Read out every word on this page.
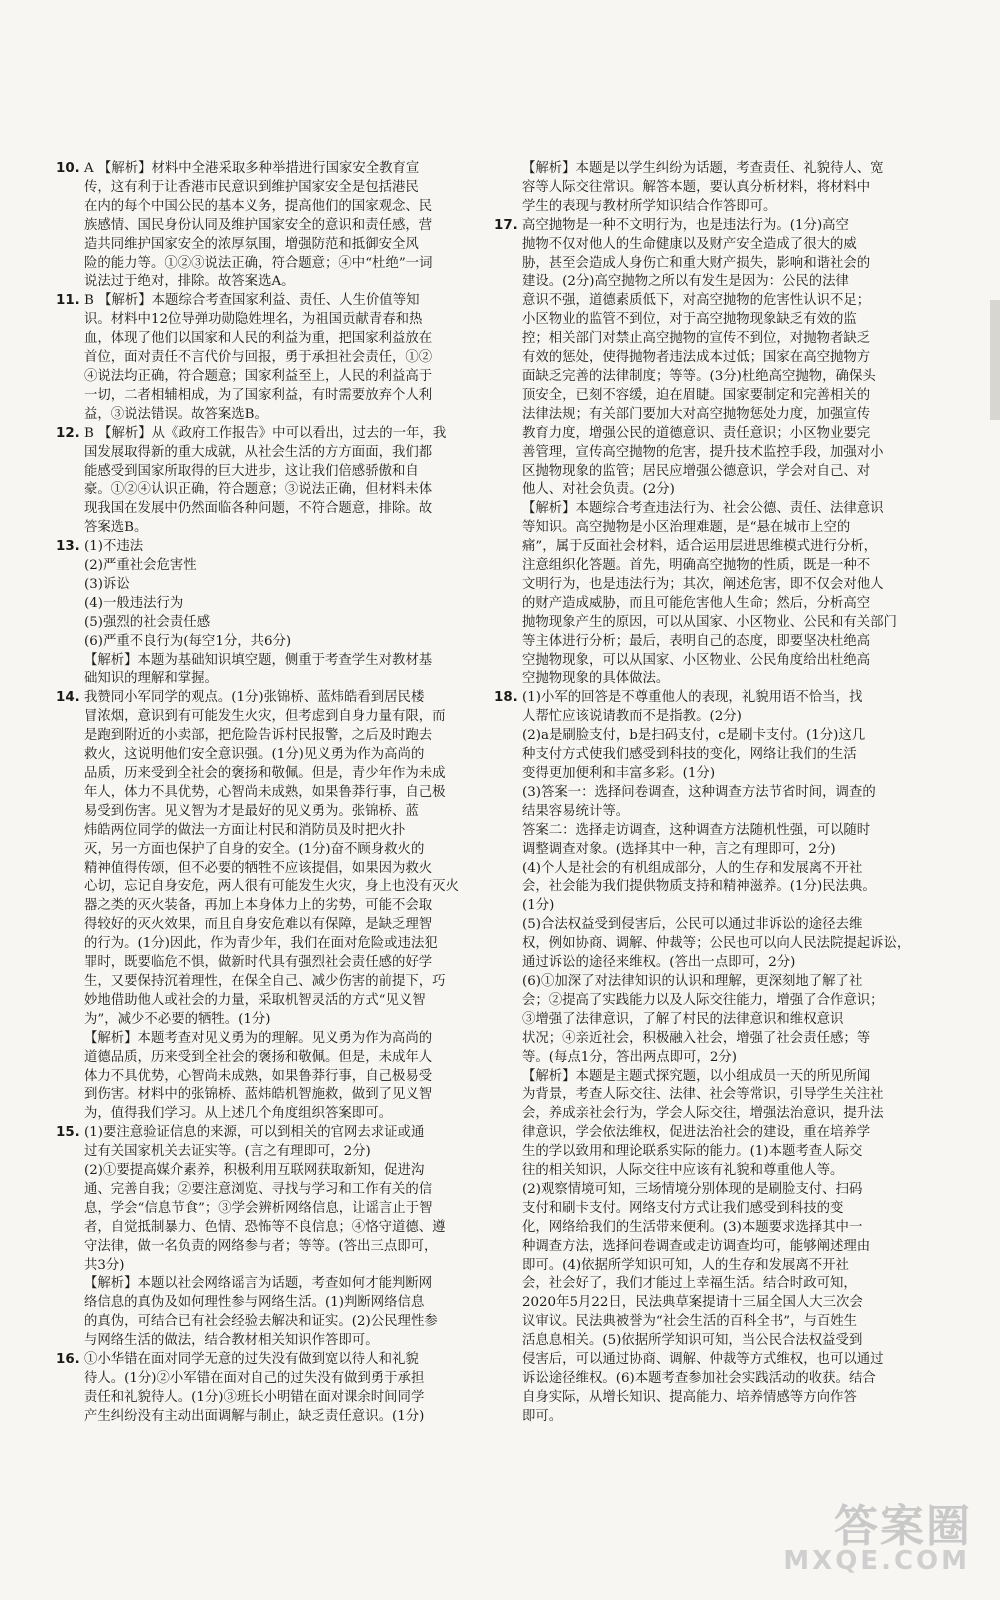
10. A 【解析】材料中全港采取多种举措进行国家安全教育宣
传，这有利于让香港市民意识到维护国家安全是包括港民
在内的每个中国公民的基本义务，提高他们的国家观念、民
族感情、国民身份认同及维护国家安全的意识和责任感，营
造共同维护国家安全的浓厚氛围，增强防范和抵御安全风
险的能力等。①②③说法正确，符合题意；④中“杜绝”一词
说法过于绝对，排除。故答案选A。
11. B 【解析】本题综合考查国家利益、责任、人生价值等知
识。材料中12位导弹功勋隐姓埋名，为祖国贡献青春和热
血，体现了他们以国家和人民的利益为重，把国家利益放在
首位，面对责任不言代价与回报，勇于承担社会责任，①②
④说法均正确，符合题意；国家利益至上，人民的利益高于
一切，二者相辅相成，为了国家利益，有时需要放弃个人利
益，③说法错误。故答案选B。
12. B 【解析】从《政府工作报告》中可以看出，过去的一年，我
国发展取得新的重大成就，从社会生活的方方面面，我们都
能感受到国家所取得的巨大进步，这让我们倍感骄傲和自
豪。①②④认识正确，符合题意；③说法正确，但材料未体
现我国在发展中仍然面临各种问题，不符合题意，排除。故
答案选B。
13. (1)不违法
(2)严重社会危害性
(3)诉讼
(4)一般违法行为
(5)强烈的社会责任感
(6)严重不良行为(每空1分，共6分)
【解析】本题为基础知识填空题，侧重于考查学生对教材基
础知识的理解和掌握。
14. 我赞同小军同学的观点。(1分)张锦桥、蓝炜皓看到居民楼
冒浓烟，意识到有可能发生火灾，但考虑到自身力量有限，而
是跑到附近的小卖部，把危险告诉村民报警，之后及时跑去
救火，这说明他们安全意识强。(1分)见义勇为作为高尚的
品质，历来受到全社会的褒扬和敬佩。但是，青少年作为未成
年人，体力不具优势，心智尚未成熟，如果鲁莽行事，自己极
易受到伤害。见义智为才是最好的见义勇为。张锦桥、蓝
炜皓两位同学的做法一方面让村民和消防员及时把火扑
灭，另一方面也保护了自身的安全。(1分)奋不顾身救火的
精神值得传颂，但不必要的牺牲不应该提倡，如果因为救火
心切，忘记自身安危，两人很有可能发生火灾，身上也没有灭火
器之类的灭火装备，再加上本身体力上的劣势，可能不会取
得较好的灭火效果，而且自身安危难以有保障，是缺乏理智
的行为。(1分)因此，作为青少年，我们在面对危险或违法犯
罪时，既要临危不惧，做新时代具有强烈社会责任感的好学
生，又要保持沉着理性，在保全自己、减少伤害的前提下，巧
妙地借助他人或社会的力量，采取机智灵活的方式“见义智
为”，减少不必要的牺牲。(1分)
【解析】本题考查对见义勇为的理解。见义勇为作为高尚的
道德品质，历来受到全社会的褒扬和敬佩。但是，未成年人
体力不具优势，心智尚未成熟，如果鲁莽行事，自己极易受
到伤害。材料中的张锦桥、蓝炜皓机智施救，做到了见义智
为，值得我们学习。从上述几个角度组织答案即可。
15. (1)要注意验证信息的来源，可以到相关的官网去求证或通
过有关国家机关去证实等。(言之有理即可，2分)
(2)①要提高媒介素养，积极利用互联网获取新知，促进沟
通、完善自我；②要注意浏览、寻找与学习和工作有关的信
息，学会“信息节食”；③学会辨析网络信息，让谣言止于智
者，自觉抵制暴力、色情、恐怖等不良信息；④恪守道德、遵
守法律，做一名负责的网络参与者；等等。(答出三点即可，
共3分)
【解析】本题以社会网络谣言为话题，考查如何才能判断网
络信息的真伪及如何理性参与网络生活。(1)判断网络信息
的真伪，可结合已有社会经验去解决和证实。(2)公民理性参
与网络生活的做法，结合教材相关知识作答即可。
16. ①小华错在面对同学无意的过失没有做到宽以待人和礼貌
待人。(1分)②小军错在面对自己的过失没有做到勇于承担
责任和礼貌待人。(1分)③班长小明错在面对课余时间同学
产生纠纷没有主动出面调解与制止，缺乏责任意识。(1分)
【解析】本题是以学生纠纷为话题，考查责任、礼貌待人、宽
容等人际交往常识。解答本题，要认真分析材料，将材料中
学生的表现与教材所学知识结合作答即可。
17. 高空抛物是一种不文明行为，也是违法行为。(1分)高空
抛物不仅对他人的生命健康以及财产安全造成了很大的威
胁，甚至会造成人身伤亡和重大财产损失，影响和谐社会的
建设。(2分)高空抛物之所以有发生是因为：公民的法律
意识不强，道德素质低下，对高空抛物的危害性认识不足；
小区物业的监管不到位，对于高空抛物现象缺乏有效的监
控；相关部门对禁止高空抛物的宣传不到位，对抛物者缺乏
有效的惩处，使得抛物者违法成本过低；国家在高空抛物方
面缺乏完善的法律制度；等等。(3分)杜绝高空抛物，确保头
顶安全，已刻不容缓，迫在眉睫。国家要制定和完善相关的
法律法规；有关部门要加大对高空抛物惩处力度，加强宣传
教育力度，增强公民的道德意识、责任意识；小区物业要完
善管理，宣传高空抛物的危害，提升技术监控手段，加强对小
区抛物现象的监管；居民应增强公德意识，学会对自己、对
他人、对社会负责。(2分)
【解析】本题综合考查违法行为、社会公德、责任、法律意识
等知识。高空抛物是小区治理难题，是“悬在城市上空的
痛”，属于反面社会材料，适合运用层进思维模式进行分析，
注意组织化答题。首先，明确高空抛物的性质，既是一种不
文明行为，也是违法行为；其次，阐述危害，即不仅会对他人
的财产造成威胁，而且可能危害他人生命；然后，分析高空
抛物现象产生的原因，可以从国家、小区物业、公民和有关部门
等主体进行分析；最后，表明自己的态度，即要坚决杜绝高
空抛物现象，可以从国家、小区物业、公民角度给出杜绝高
空抛物现象的具体做法。
18. (1)小军的回答是不尊重他人的表现，礼貌用语不恰当，找
人帮忙应该说请教而不是指教。(2分)
(2)a是刷脸支付，b是扫码支付，c是刷卡支付。(1分)这几
种支付方式使我们感受到科技的变化，网络让我们的生活
变得更加便利和丰富多彩。(1分)
(3)答案一：选择问卷调查，这种调查方法节省时间，调查的
结果容易统计等。
答案二：选择走访调查，这种调查方法随机性强，可以随时
调整调查对象。(选择其中一种，言之有理即可，2分)
(4)个人是社会的有机组成部分，人的生存和发展离不开社
会，社会能为我们提供物质支持和精神滋养。(1分)民法典。
(1分)
(5)合法权益受到侵害后，公民可以通过非诉讼的途径去维
权，例如协商、调解、仲裁等；公民也可以向人民法院提起诉讼，
通过诉讼的途径来维权。(答出一点即可，2分)
(6)①加深了对法律知识的认识和理解，更深刻地了解了社
会；②提高了实践能力以及人际交往能力，增强了合作意识；
③增强了法律意识，了解了村民的法律意识和维权意识
状况；④亲近社会，积极融入社会，增强了社会责任感；等
等。(每点1分，答出两点即可，2分)
【解析】本题是主题式探究题，以小组成员一天的所见所闻
为背景，考查人际交往、法律、社会等常识，引导学生关注社
会，养成亲社会行为，学会人际交往，增强法治意识，提升法
律意识，学会依法维权，促进法治社会的建设，重在培养学
生的学以致用和理论联系实际的能力。(1)本题考查人际交
往的相关知识，人际交往中应该有礼貌和尊重他人等。
(2)观察情境可知，三场情境分别体现的是刷脸支付、扫码
支付和刷卡支付。网络支付方式让我们感受到科技的变
化，网络给我们的生活带来便利。(3)本题要求选择其中一
种调查方法，选择问卷调查或走访调查均可，能够阐述理由
即可。(4)依据所学知识可知，人的生存和发展离不开社
会，社会好了，我们才能过上幸福生活。结合时政可知，
2020年5月22日，民法典草案提请十三届全国人大三次会
议审议。民法典被誉为“社会生活的百科全书”，与百姓生
活息息相关。(5)依据所学知识可知，当公民合法权益受到
侵害后，可以通过协商、调解、仲裁等方式维权，也可以通过
诉讼途径维权。(6)本题考查参加社会实践活动的收获。结合
自身实际，从增长知识、提高能力、培养情感等方向作答
即可。
答案圈
MXQE.COM
